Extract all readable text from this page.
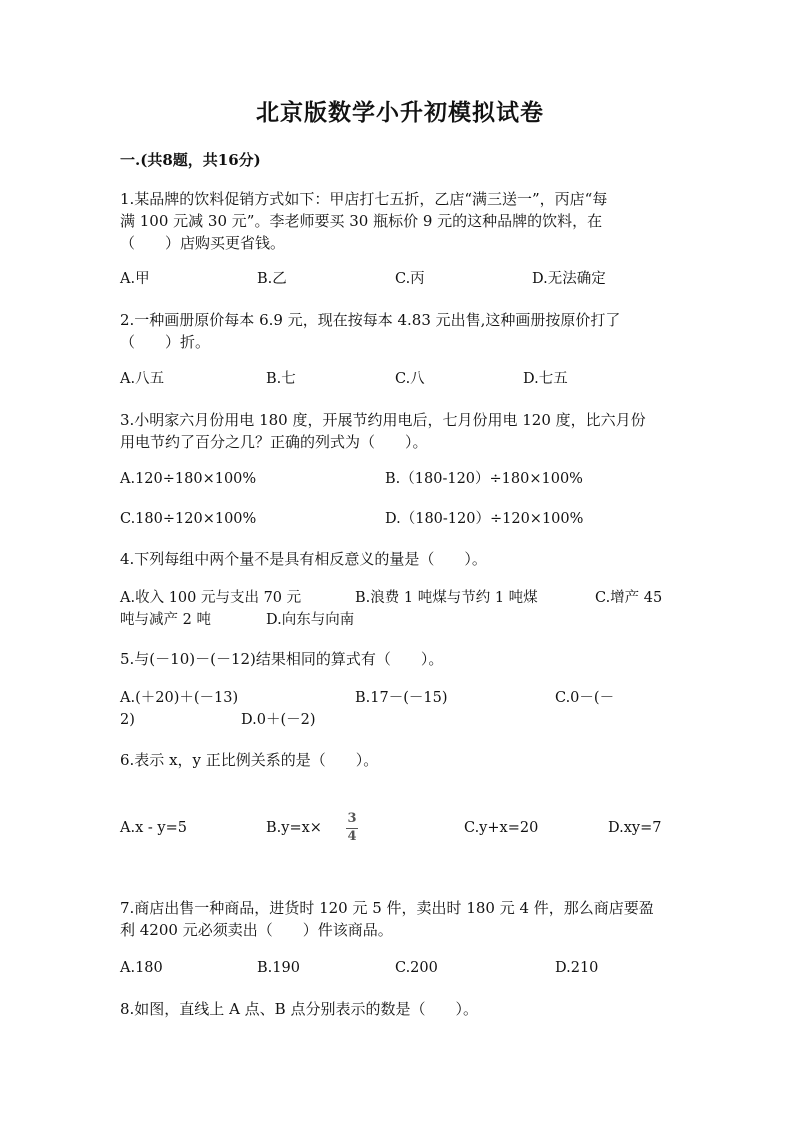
北京版数学小升初模拟试卷
一.(共8题，共16分)
1.某品牌的饮料促销方式如下：甲店打七五折，乙店“满三送一”，丙店“每
满 100 元减 30 元”。李老师要买 30 瓶标价 9 元的这种品牌的饮料，在
（　　）店购买更省钱。
A.甲	B.乙	C.丙	D.无法确定
2.一种画册原价每本 6.9 元，现在按每本 4.83 元出售,这种画册按原价打了
（　　）折。
A.八五	B.七	C.八	D.七五
3.小明家六月份用电 180 度，开展节约用电后，七月份用电 120 度，比六月份
用电节约了百分之几？正确的列式为（　　）。
A.120÷180×100%	B.（180-120）÷180×100%
C.180÷120×100%	D.（180-120）÷120×100%
4.下列每组中两个量不是具有相反意义的量是（　　）。
A.收入 100 元与支出 70 元	B.浪费 1 吨煤与节约 1 吨煤	C.增产 45
吨与减产 2 吨	D.向东与向南
5.与(－10)－(－12)结果相同的算式有（　　）。
A.(＋20)＋(－13)	B.17－(－15)	C.0－(－
2)	D.0＋(－2)
6.表示 x，y 正比例关系的是（　　）。
A.x - y=5	B.y=x×
3
4
C.y+x=20	D.xy=7
7.商店出售一种商品，进货时 120 元 5 件，卖出时 180 元 4 件，那么商店要盈
利 4200 元必须卖出（　　）件该商品。
A.180	B.190	C.200	D.210
8.如图，直线上 A 点、B 点分别表示的数是（　　）。
